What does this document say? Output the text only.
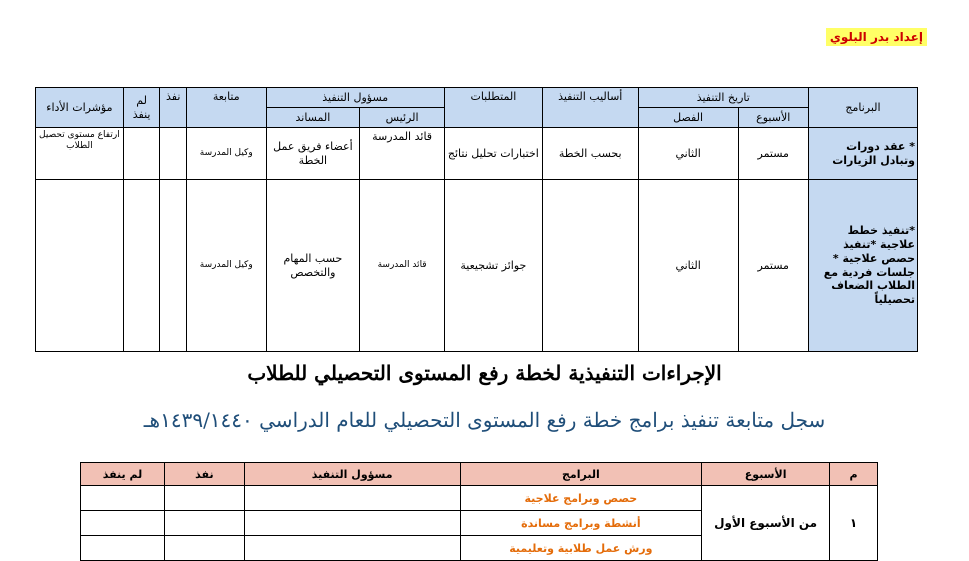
إعداد بدر البلوي
البرنامج	تاريخ التنفيذ		أساليب التنفيذ	المتطلبات	مسؤول التنفيذ		متابعة	نفذ	لم ينفذ	مؤشرات الأداء
	الأسبوع	الفصل			الرئيس	المساند				
* عقد دورات وتبادل الزيارات	مستمر	الثاني	بحسب الخطة	اختبارات تحليل نتائج	قائد المدرسة	أعضاء فريق عمل الخطة	وكيل المدرسة			ارتفاع مستوى تحصيل الطلاب
*تنفيذ خطط علاجية *تنفيذ حصص علاجية * جلسات فردية مع الطلاب الضعاف تحصيلياً	مستمر	الثاني		جوائز تشجيعية	قائد المدرسة	حسب المهام والتخصص	وكيل المدرسة			
الإجراءات التنفيذية لخطة رفع المستوى التحصيلي للطلاب
سجل متابعة تنفيذ برامج خطة رفع المستوى التحصيلي للعام الدراسي ١٤٣٩/١٤٤٠هـ
م	الأسبوع	البرامج	مسؤول التنفيذ	نفذ	لم ينفذ
١	من الأسبوع الأول	حصص وبرامج علاجية			
		أنشطة وبرامج مساندة			
		ورش عمل طلابية وتعليمية			
